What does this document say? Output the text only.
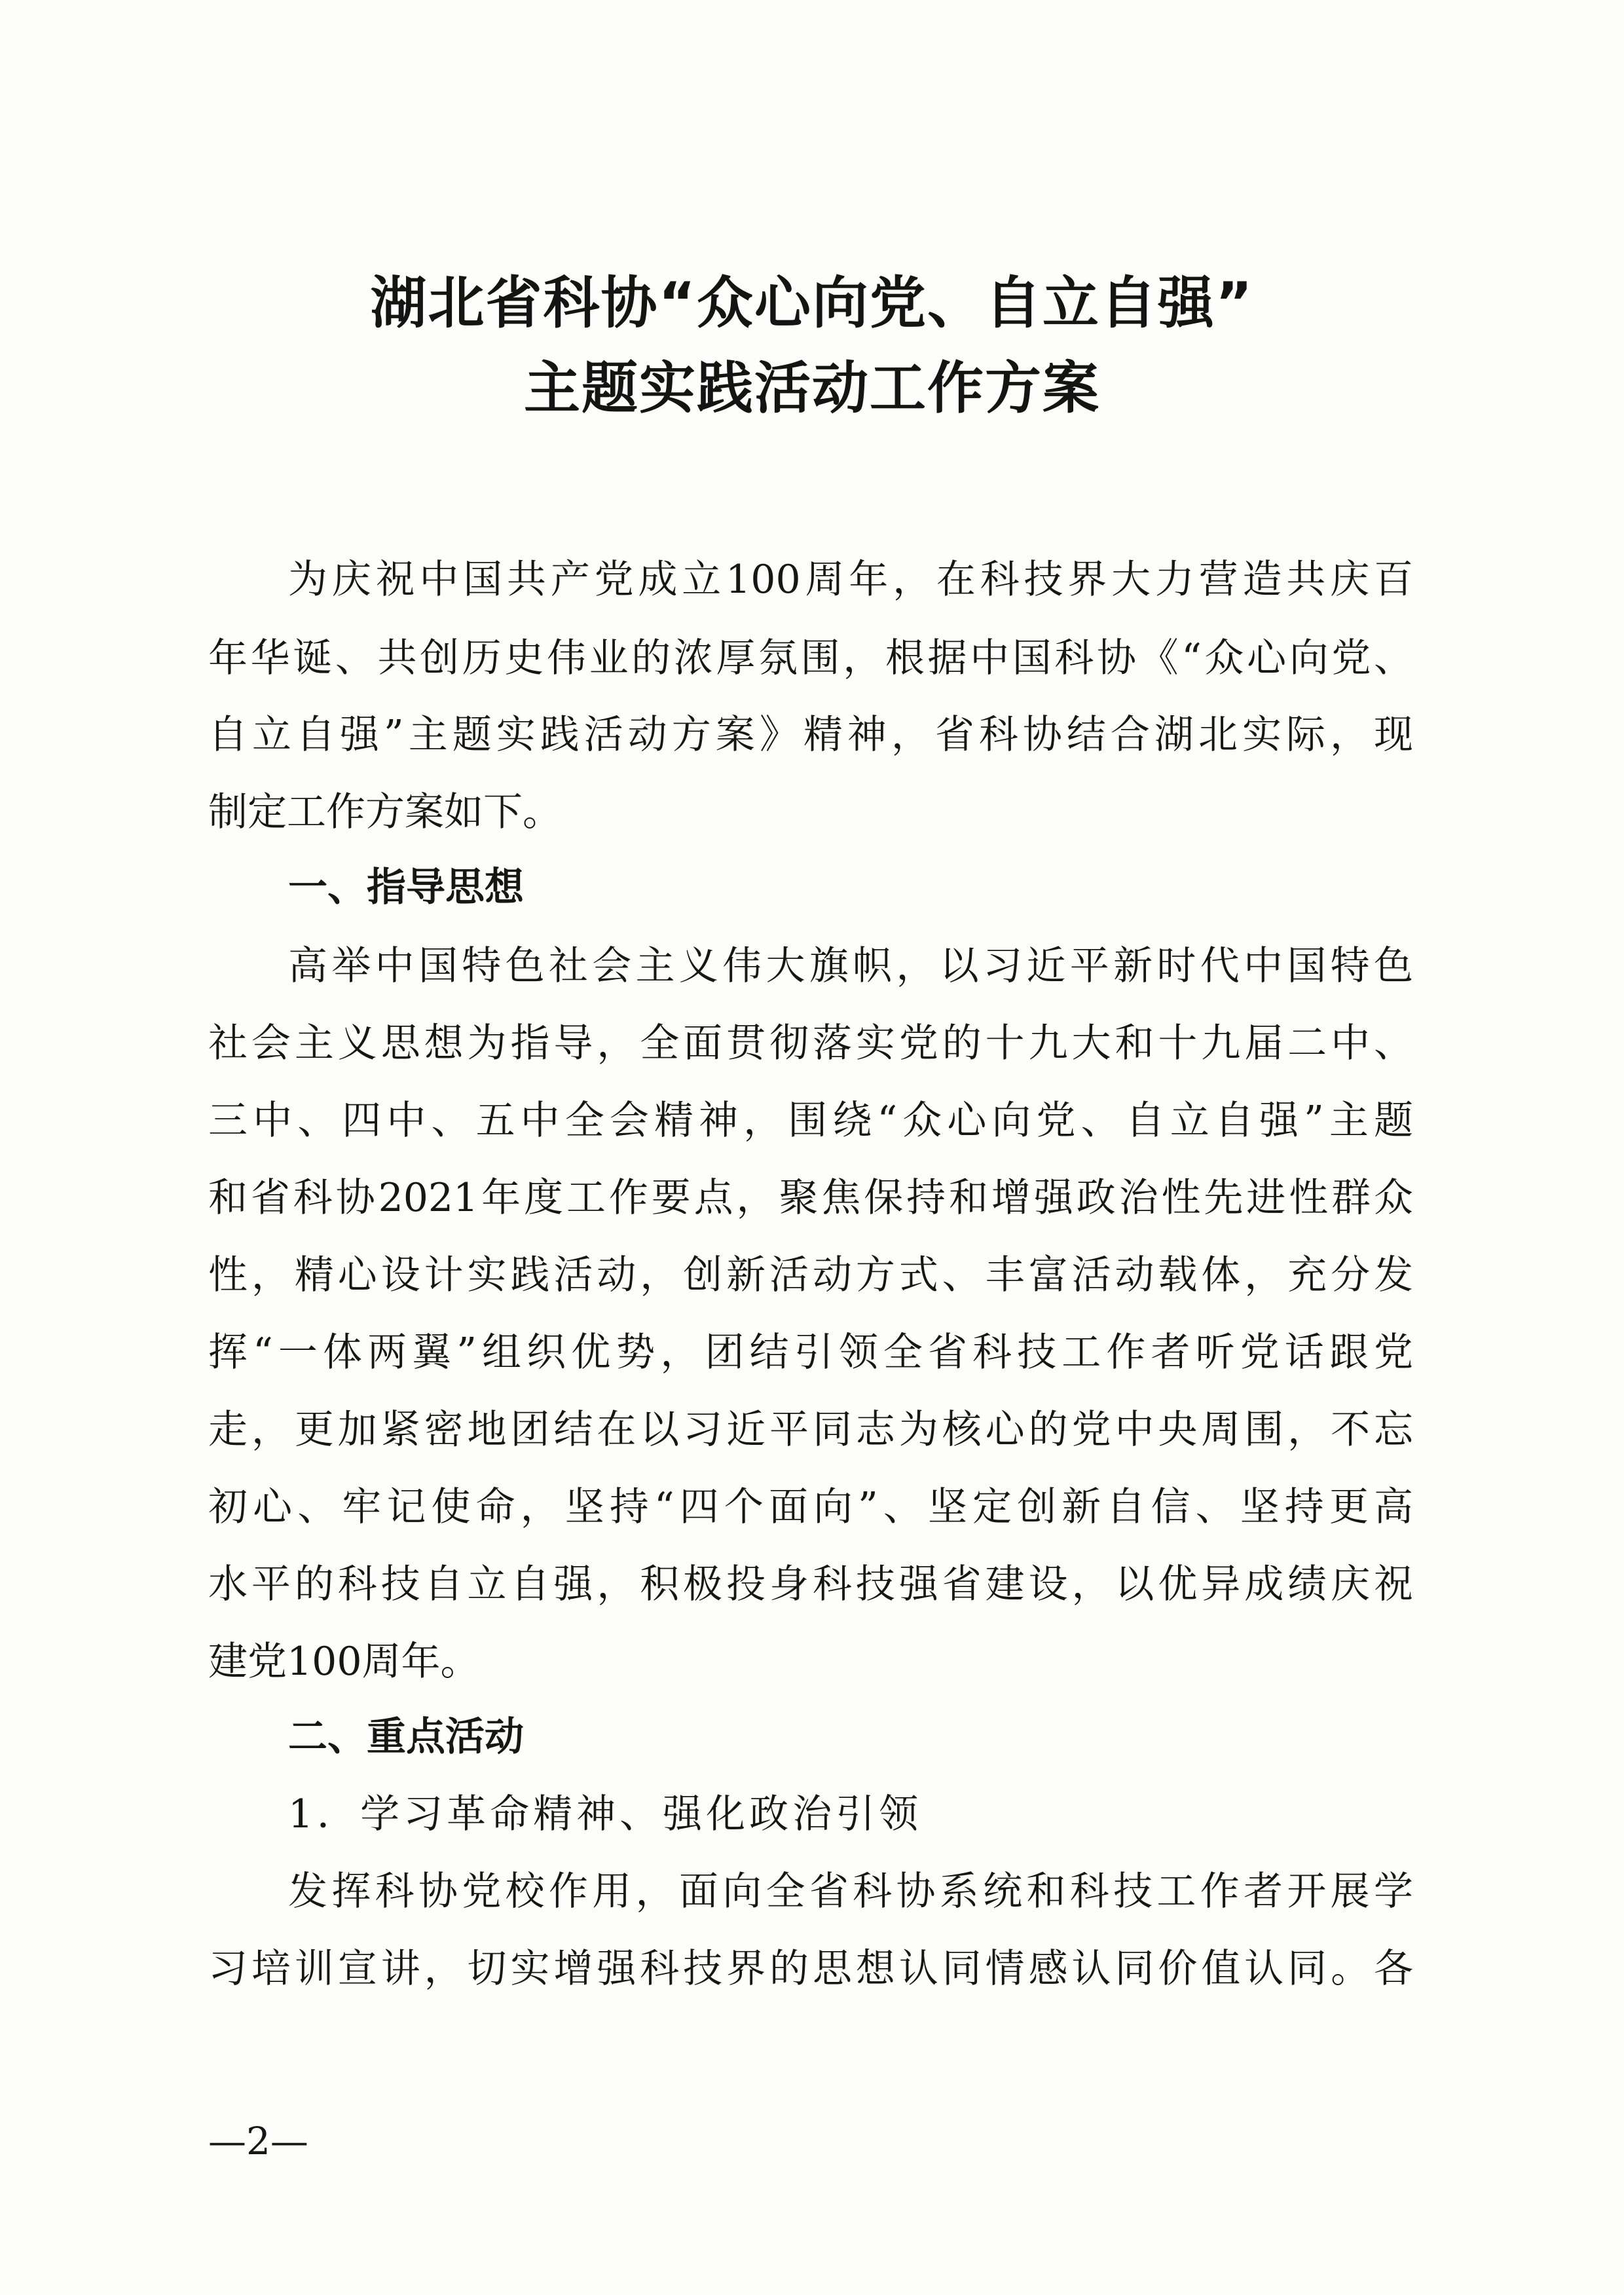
湖北省科协“众心向党、自立自强”
主题实践活动工作方案
为庆祝中国共产党成立100周年，在科技界大力营造共庆百
年华诞、共创历史伟业的浓厚氛围，根据中国科协《“众心向党、
自立自强”主题实践活动方案》精神，省科协结合湖北实际，现
制定工作方案如下。
一、指导思想
高举中国特色社会主义伟大旗帜，以习近平新时代中国特色
社会主义思想为指导，全面贯彻落实党的十九大和十九届二中、
三中、四中、五中全会精神，围绕“众心向党、自立自强”主题
和省科协2021年度工作要点，聚焦保持和增强政治性先进性群众
性，精心设计实践活动，创新活动方式、丰富活动载体，充分发
挥“一体两翼”组织优势，团结引领全省科技工作者听党话跟党
走，更加紧密地团结在以习近平同志为核心的党中央周围，不忘
初心、牢记使命，坚持“四个面向”、坚定创新自信、坚持更高
水平的科技自立自强，积极投身科技强省建设，以优异成绩庆祝
建党100周年。
二、重点活动
1．学习革命精神、强化政治引领
发挥科协党校作用，面向全省科协系统和科技工作者开展学
习培训宣讲，切实增强科技界的思想认同情感认同价值认同。各
—2—
